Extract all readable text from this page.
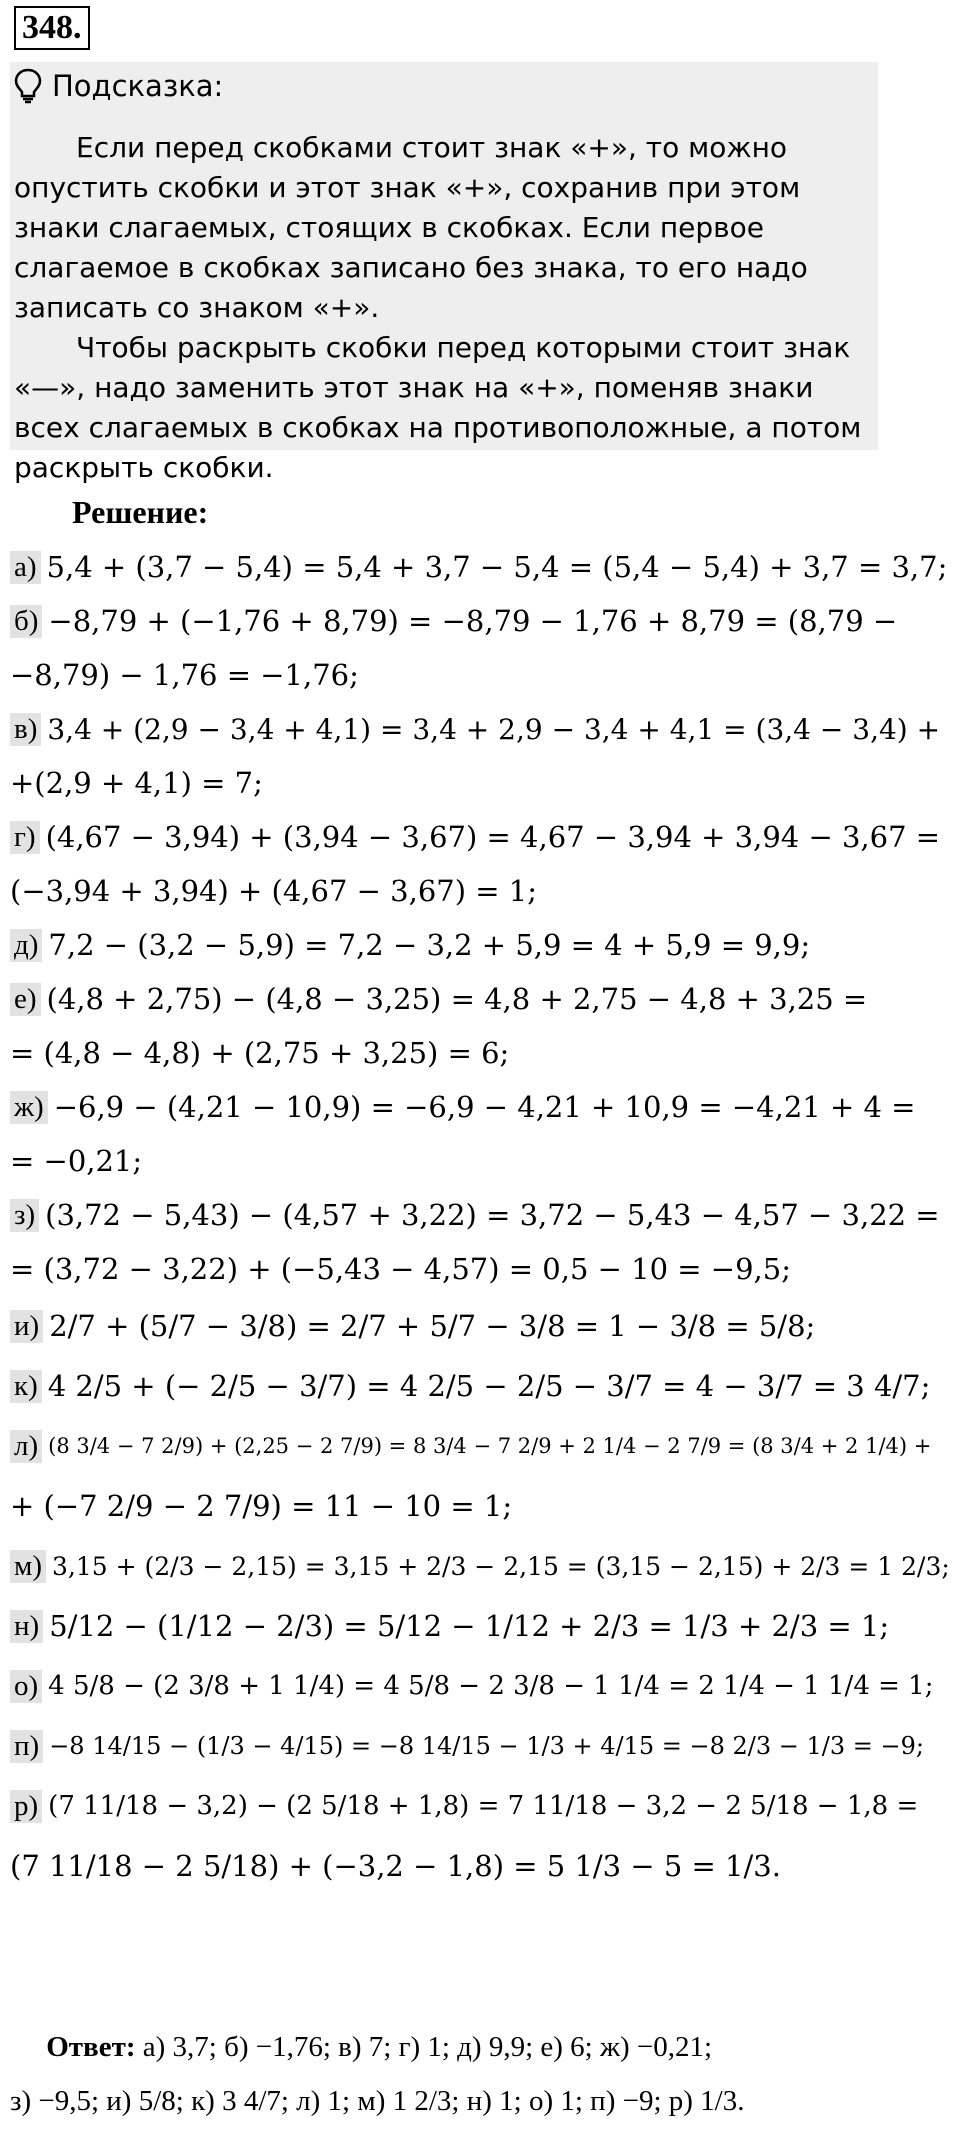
348.
Подсказка:

Если перед скобками стоит знак «+», то можно опустить скобки и этот знак «+», сохранив при этом знаки слагаемых, стоящих в скобках. Если первое слагаемое в скобках записано без знака, то его надо записать со знаком «+».

Чтобы раскрыть скобки перед которыми стоит знак «—», надо заменить этот знак на «+», поменяв знаки всех слагаемых в скобках на противоположные, а потом раскрыть скобки.

Решение:
а) 5,4 + (3,7 − 5,4) = 5,4 + 3,7 − 5,4 = (5,4 − 5,4) + 3,7 = 3,7;
б) −8,79 + (−1,76 + 8,79) = −8,79 − 1,76 + 8,79 = (8,79 −
−8,79) − 1,76 = −1,76;
в) 3,4 + (2,9 − 3,4 + 4,1) = 3,4 + 2,9 − 3,4 + 4,1 = (3,4 − 3,4) +
+(2,9 + 4,1) = 7;
г) (4,67 − 3,94) + (3,94 − 3,67) = 4,67 − 3,94 + 3,94 − 3,67 =
(−3,94 + 3,94) + (4,67 − 3,67) = 1;
д) 7,2 − (3,2 − 5,9) = 7,2 − 3,2 + 5,9 = 4 + 5,9 = 9,9;
е) (4,8 + 2,75) − (4,8 − 3,25) = 4,8 + 2,75 − 4,8 + 3,25 =
= (4,8 − 4,8) + (2,75 + 3,25) = 6;
ж) −6,9 − (4,21 − 10,9) = −6,9 − 4,21 + 10,9 = −4,21 + 4 =
= −0,21;
з) (3,72 − 5,43) − (4,57 + 3,22) = 3,72 − 5,43 − 4,57 − 3,22 =
= (3,72 − 3,22) + (−5,43 − 4,57) = 0,5 − 10 = −9,5;
и) 2/7 + (5/7 − 3/8) = 2/7 + 5/7 − 3/8 = 1 − 3/8 = 5/8;
к) 4 2/5 + (− 2/5 − 3/7) = 4 2/5 − 2/5 − 3/7 = 4 − 3/7 = 3 4/7;
л) (8 3/4 − 7 2/9) + (2,25 − 2 7/9) = 8 3/4 − 7 2/9 + 2 1/4 − 2 7/9 = (8 3/4 + 2 1/4) +
+ (−7 2/9 − 2 7/9) = 11 − 10 = 1;
м) 3,15 + (2/3 − 2,15) = 3,15 + 2/3 − 2,15 = (3,15 − 2,15) + 2/3 = 1 2/3;
н) 5/12 − (1/12 − 2/3) = 5/12 − 1/12 + 2/3 = 1/3 + 2/3 = 1;
о) 4 5/8 − (2 3/8 + 1 1/4) = 4 5/8 − 2 3/8 − 1 1/4 = 2 1/4 − 1 1/4 = 1;
п) −8 14/15 − (1/3 − 4/15) = −8 14/15 − 1/3 + 4/15 = −8 2/3 − 1/3 = −9;
р) (7 11/18 − 3,2) − (2 5/18 + 1,8) = 7 11/18 − 3,2 − 2 5/18 − 1,8 =
(7 11/18 − 2 5/18) + (−3,2 − 1,8) = 5 1/3 − 5 = 1/3.
Ответ: а) 3,7; б) −1,76; в) 7; г) 1; д) 9,9; е) 6; ж) −0,21;
з) −9,5; и) 5/8; к) 3 4/7; л) 1; м) 1 2/3; н) 1; о) 1; п) −9; р) 1/3.
